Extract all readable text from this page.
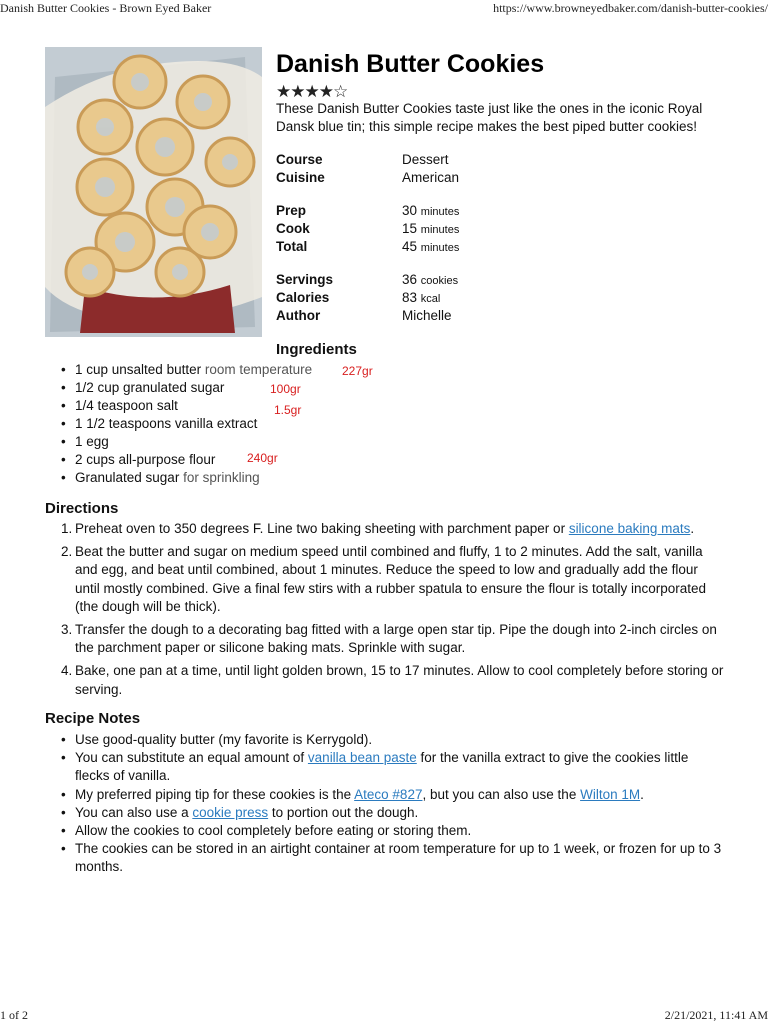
Danish Butter Cookies - Brown Eyed Baker	https://www.browneyedbaker.com/danish-butter-cookies/
Danish Butter Cookies
★★★★☆
These Danish Butter Cookies taste just like the ones in the iconic Royal Dansk blue tin; this simple recipe makes the best piped butter cookies!
Course	Dessert
Cuisine	American
Prep	30 minutes
Cook	15 minutes
Total	45 minutes
Servings	36 cookies
Calories	83 kcal
Author	Michelle
Ingredients
• 1 cup unsalted butter room temperature
• 1/2 cup granulated sugar
• 1/4 teaspoon salt
• 1 1/2 teaspoons vanilla extract
• 1 egg
• 2 cups all-purpose flour
• Granulated sugar for sprinkling
227gr
100gr
1.5gr
240gr
Directions
1. Preheat oven to 350 degrees F. Line two baking sheeting with parchment paper or silicone baking mats.
2. Beat the butter and sugar on medium speed until combined and fluffy, 1 to 2 minutes. Add the salt, vanilla and egg, and beat until combined, about 1 minutes. Reduce the speed to low and gradually add the flour until mostly combined. Give a final few stirs with a rubber spatula to ensure the flour is totally incorporated (the dough will be thick).
3. Transfer the dough to a decorating bag fitted with a large open star tip. Pipe the dough into 2-inch circles on the parchment paper or silicone baking mats. Sprinkle with sugar.
4. Bake, one pan at a time, until light golden brown, 15 to 17 minutes. Allow to cool completely before storing or serving.
Recipe Notes
• Use good-quality butter (my favorite is Kerrygold).
• You can substitute an equal amount of vanilla bean paste for the vanilla extract to give the cookies little flecks of vanilla.
• My preferred piping tip for these cookies is the Ateco #827, but you can also use the Wilton 1M.
• You can also use a cookie press to portion out the dough.
• Allow the cookies to cool completely before eating or storing them.
• The cookies can be stored in an airtight container at room temperature for up to 1 week, or frozen for up to 3 months.
1 of 2	2/21/2021, 11:41 AM
